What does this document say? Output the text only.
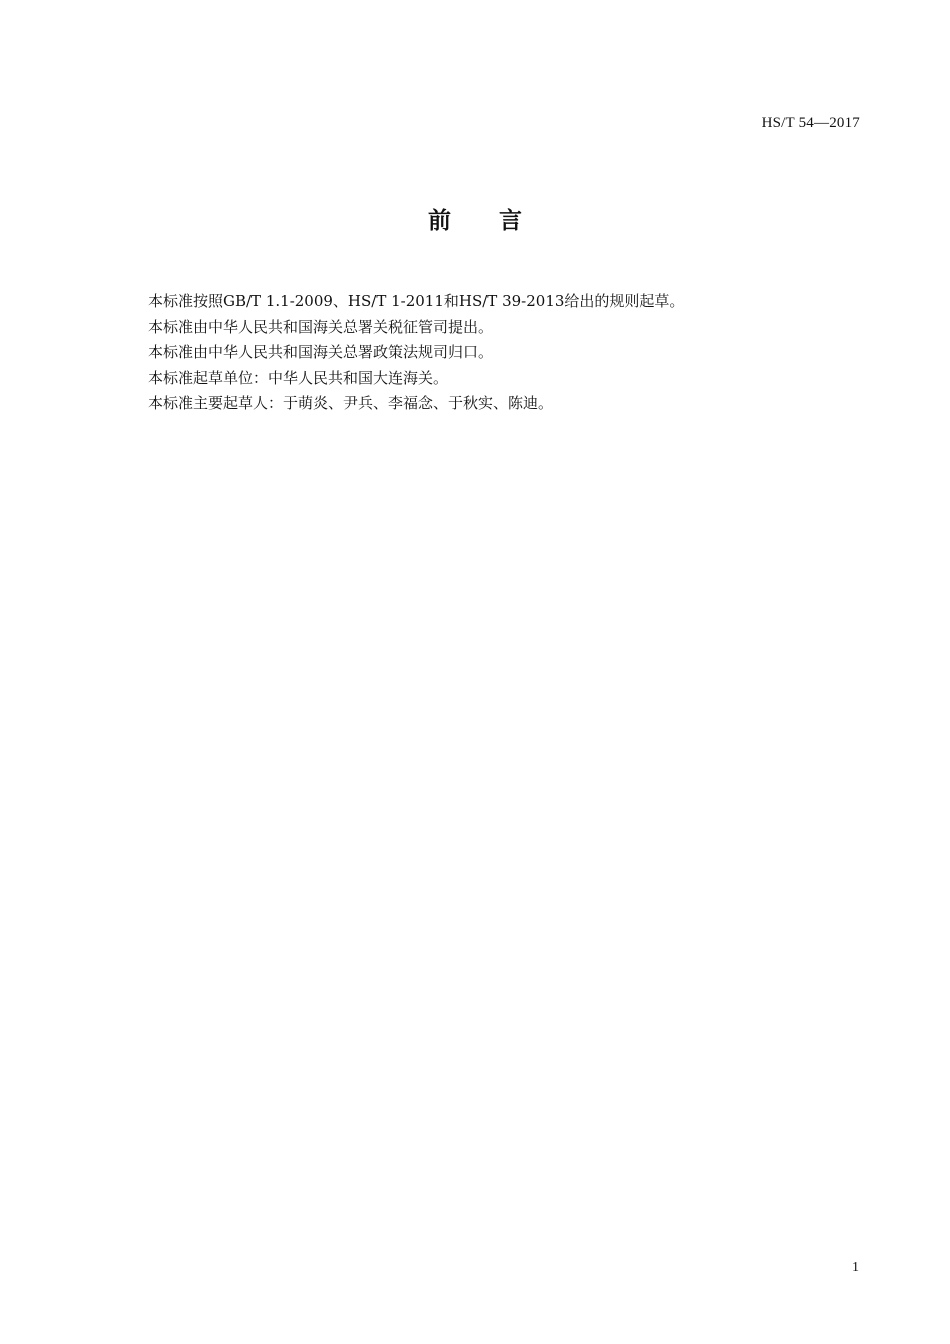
HS/T 54—2017
前 言
本标准按照GB/T 1.1-2009、HS/T 1-2011和HS/T 39-2013给出的规则起草。
本标准由中华人民共和国海关总署关税征管司提出。
本标准由中华人民共和国海关总署政策法规司归口。
本标准起草单位：中华人民共和国大连海关。
本标准主要起草人：于萌炎、尹兵、李福念、于秋实、陈迪。
1
